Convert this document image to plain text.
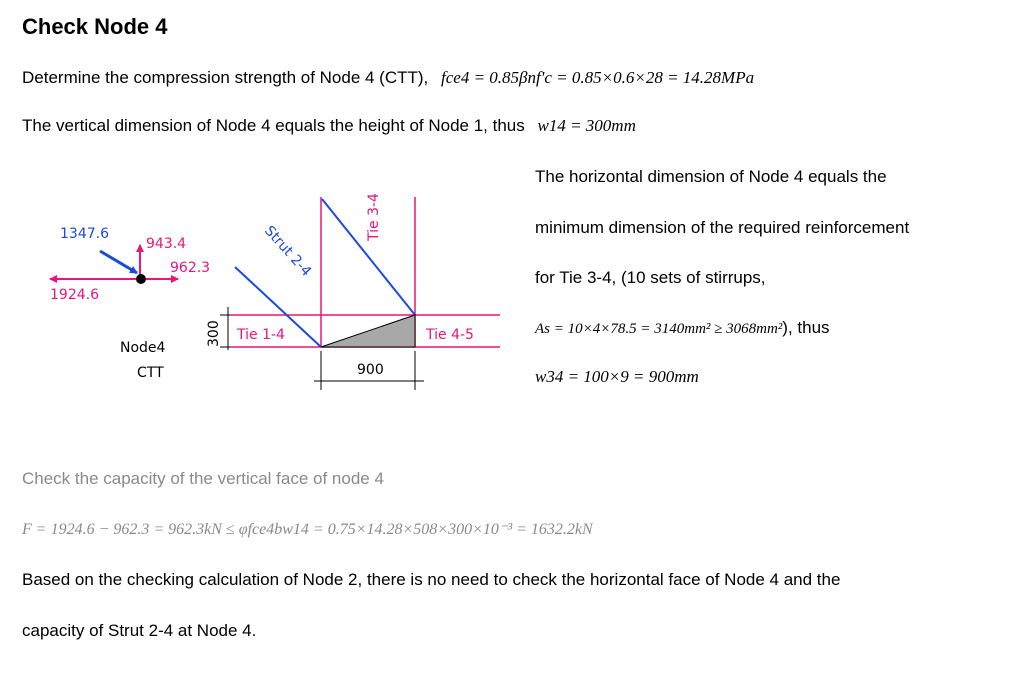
Check Node 4
Determine the compression strength of Node 4 (CTT), fce4 = 0.85βnf'c = 0.85×0.6×28 = 14.28MPa
The vertical dimension of Node 4 equals the height of Node 1, thus w14 = 300mm
The horizontal dimension of Node 4 equals the
minimum dimension of the required reinforcement
for Tie 3-4, (10 sets of stirrups,
As = 10×4×78.5 = 3140mm² ≥ 3068mm²), thus
w34 = 100×9 = 900mm
1347.6
943.4
962.3
1924.6
Node4
CTT
300 Tie 1-4	Tie 4-5
Tie 3-4
Strut 2-4
900
Check the capacity of the vertical face of node 4
F = 1924.6 − 962.3 = 962.3kN ≤ φfce4bw14 = 0.75×14.28×508×300×10⁻³ = 1632.2kN
Based on the checking calculation of Node 2, there is no need to check the horizontal face of Node 4 and the
capacity of Strut 2-4 at Node 4.
